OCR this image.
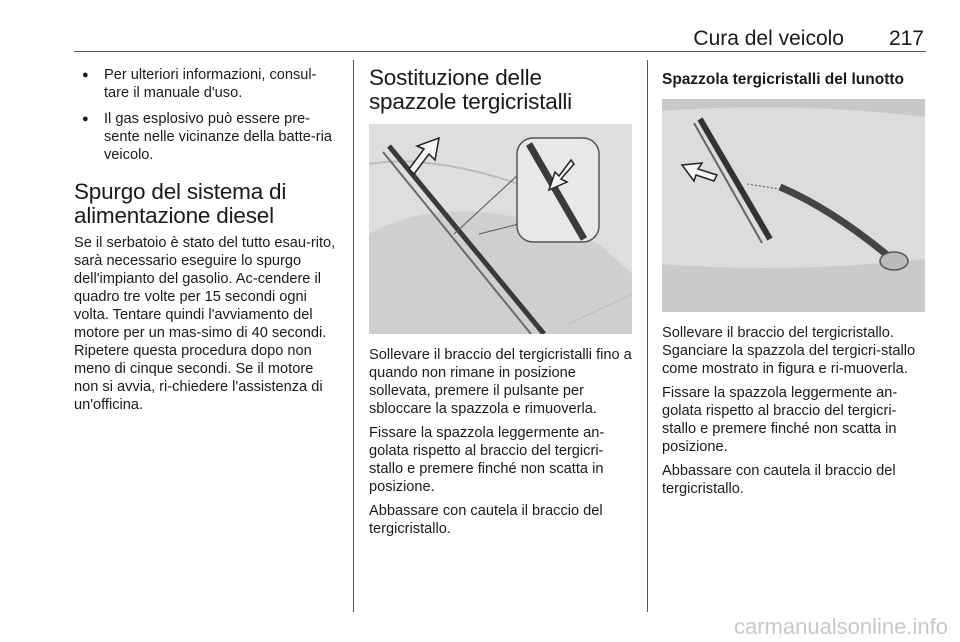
Cura del veicolo 217
● Per ulteriori informazioni, consul-tare il manuale d'uso.
● Il gas esplosivo può essere pre-sente nelle vicinanze della batte-ria veicolo.
Spurgo del sistema di alimentazione diesel

Se il serbatoio è stato del tutto esau-rito, sarà necessario eseguire lo spurgo dell'impianto del gasolio. Ac-cendere il quadro tre volte per 15 secondi ogni volta. Tentare quindi l'avviamento del motore per un mas-simo di 40 secondi. Ripetere questa procedura dopo non meno di cinque secondi. Se il motore non si avvia, ri-chiedere l'assistenza di un'officina.

Sostituzione delle spazzole tergicristalli

Sollevare il braccio del tergicristalli fino a quando non rimane in posizione sollevata, premere il pulsante per sbloccare la spazzola e rimuoverla.

Fissare la spazzola leggermente an-golata rispetto al braccio del tergicri-stallo e premere finché non scatta in posizione.

Abbassare con cautela il braccio del tergicristallo.

Spazzola tergicristalli del lunotto

Sollevare il braccio del tergicristallo. Sganciare la spazzola del tergicri-stallo come mostrato in figura e ri-muoverla.

Fissare la spazzola leggermente an-golata rispetto al braccio del tergicri-stallo e premere finché non scatta in posizione.

Abbassare con cautela il braccio del tergicristallo.

carmanualsonline.info
